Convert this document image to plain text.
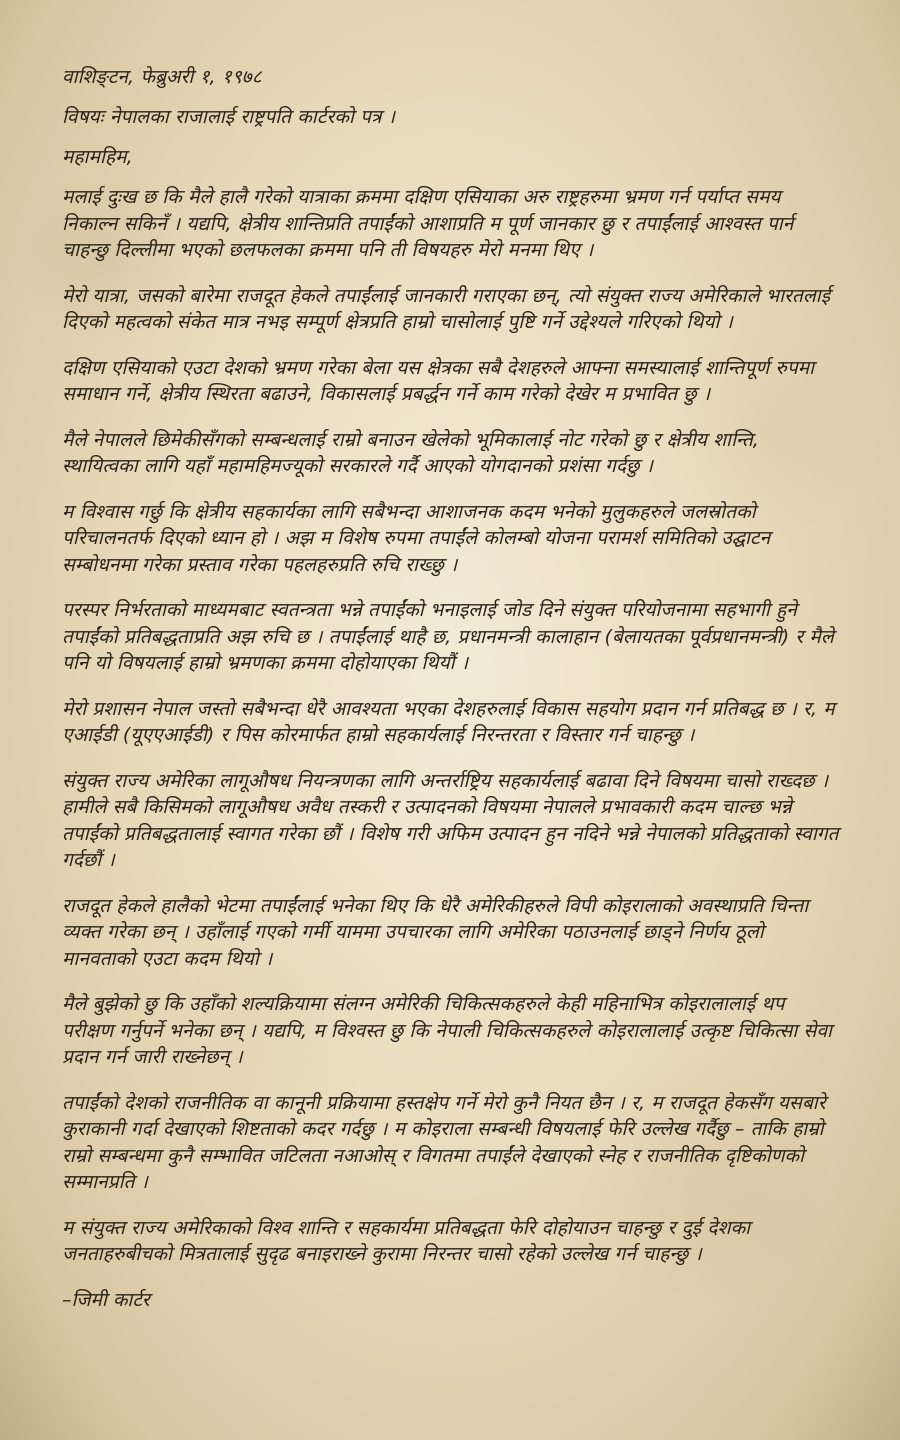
वाशिङ्टन, फेब्रुअरी १, १९७८
विषयः नेपालका राजालाई राष्ट्रपति कार्टरको पत्र ।
महामहिम,

मलाई दुःख छ कि मैले हालै गरेको यात्राका क्रममा दक्षिण एसियाका अरु राष्ट्रहरुमा भ्रमण गर्न पर्याप्त समय निकाल्न सकिनँ । यद्यपि, क्षेत्रीय शान्तिप्रति तपाईंको आशाप्रति म पूर्ण जानकार छु र तपाईंलाई आश्वस्त पार्न चाहन्छु दिल्लीमा भएको छलफलका क्रममा पनि ती विषयहरु मेरो मनमा थिए ।

मेरो यात्रा, जसको बारेमा राजदूत हेकले तपाईंलाई जानकारी गराएका छन्, त्यो संयुक्त राज्य अमेरिकाले भारतलाई दिएको महत्वको संकेत मात्र नभइ सम्पूर्ण क्षेत्रप्रति हाम्रो चासोलाई पुष्टि गर्ने उद्देश्यले गरिएको थियो ।

दक्षिण एसियाको एउटा देशको भ्रमण गरेका बेला यस क्षेत्रका सबै देशहरुले आफ्ना समस्यालाई शान्तिपूर्ण रुपमा समाधान गर्ने, क्षेत्रीय स्थिरता बढाउने, विकासलाई प्रबर्द्धन गर्ने काम गरेको देखेर म प्रभावित छु ।

मैले नेपालले छिमेकीसँगको सम्बन्धलाई राम्रो बनाउन खेलेको भूमिकालाई नोट गरेको छु र क्षेत्रीय शान्ति, स्थायित्वका लागि यहाँ महामहिमज्यूको सरकारले गर्दै आएको योगदानको प्रशंसा गर्दछु ।

म विश्वास गर्छु कि क्षेत्रीय सहकार्यका लागि सबैभन्दा आशाजनक कदम भनेको मुलुकहरुले जलस्रोतको परिचालनतर्फ दिएको ध्यान हो । अझ म विशेष रुपमा तपाईंले कोलम्बो योजना परामर्श समितिको उद्घाटन सम्बोधनमा गरेका प्रस्ताव गरेका पहलहरुप्रति रुचि राख्छु ।

परस्पर निर्भरताको माध्यमबाट स्वतन्त्रता भन्ने तपाईंको भनाइलाई जोड दिने संयुक्त परियोजनामा सहभागी हुने तपाईंको प्रतिबद्धताप्रति अझ रुचि छ । तपाईंलाई थाहै छ, प्रधानमन्त्री कालाहान (बेलायतका पूर्वप्रधानमन्त्री) र मैले पनि यो विषयलाई हाम्रो भ्रमणका क्रममा दोहोयाएका थियौं ।

मेरो प्रशासन नेपाल जस्तो सबैभन्दा धेरै आवश्यता भएका देशहरुलाई विकास सहयोग प्रदान गर्न प्रतिबद्ध छ । र, म एआईडी (यूएएआईडी) र पिस कोरमार्फत हाम्रो सहकार्यलाई निरन्तरता र विस्तार गर्न चाहन्छु ।

संयुक्त राज्य अमेरिका लागूऔषध नियन्त्रणका लागि अन्तर्राष्ट्रिय सहकार्यलाई बढावा दिने विषयमा चासो राख्दछ । हामीले सबै किसिमको लागूऔषध अवैध तस्करी र उत्पादनको विषयमा नेपालले प्रभावकारी कदम चाल्छ भन्ने तपाईंको प्रतिबद्धतालाई स्वागत गरेका छौं । विशेष गरी अफिम उत्पादन हुन नदिने भन्ने नेपालको प्रतिद्धताको स्वागत गर्दछौं ।

राजदूत हेकले हालैको भेटमा तपाईंलाई भनेका थिए कि धेरै अमेरिकीहरुले विपी कोइरालाको अवस्थाप्रति चिन्ता व्यक्त गरेका छन् । उहाँलाई गएको गर्मी याममा उपचारका लागि अमेरिका पठाउनलाई छाड्ने निर्णय ठूलो मानवताको एउटा कदम थियो ।

मैले बुझेको छु कि उहाँको शल्यक्रियामा संलग्न अमेरिकी चिकित्सकहरुले केही महिनाभित्र कोइरालालाई थप परीक्षण गर्नुपर्ने भनेका छन् । यद्यपि, म विश्वस्त छु कि नेपाली चिकित्सकहरुले कोइरालालाई उत्कृष्ट चिकित्सा सेवा प्रदान गर्न जारी राख्नेछन् ।

तपाईंको देशको राजनीतिक वा कानूनी प्रक्रियामा हस्तक्षेप गर्ने मेरो कुनै नियत छैन । र, म राजदूत हेकसँग यसबारे कुराकानी गर्दा देखाएको शिष्टताको कदर गर्दछु । म कोइराला सम्बन्धी विषयलाई फेरि उल्लेख गर्दैछु – ताकि हाम्रो राम्रो सम्बन्धमा कुनै सम्भावित जटिलता नआओस् र विगतमा तपाईंले देखाएको स्नेह र राजनीतिक दृष्टिकोणको सम्मानप्रति ।

म संयुक्त राज्य अमेरिकाको विश्व शान्ति र सहकार्यमा प्रतिबद्धता फेरि दोहोयाउन चाहन्छु र दुई देशका जनताहरुबीचको मित्रतालाई सुदृढ बनाइराख्ने कुरामा निरन्तर चासो रहेको उल्लेख गर्न चाहन्छु ।

–जिमी कार्टर
